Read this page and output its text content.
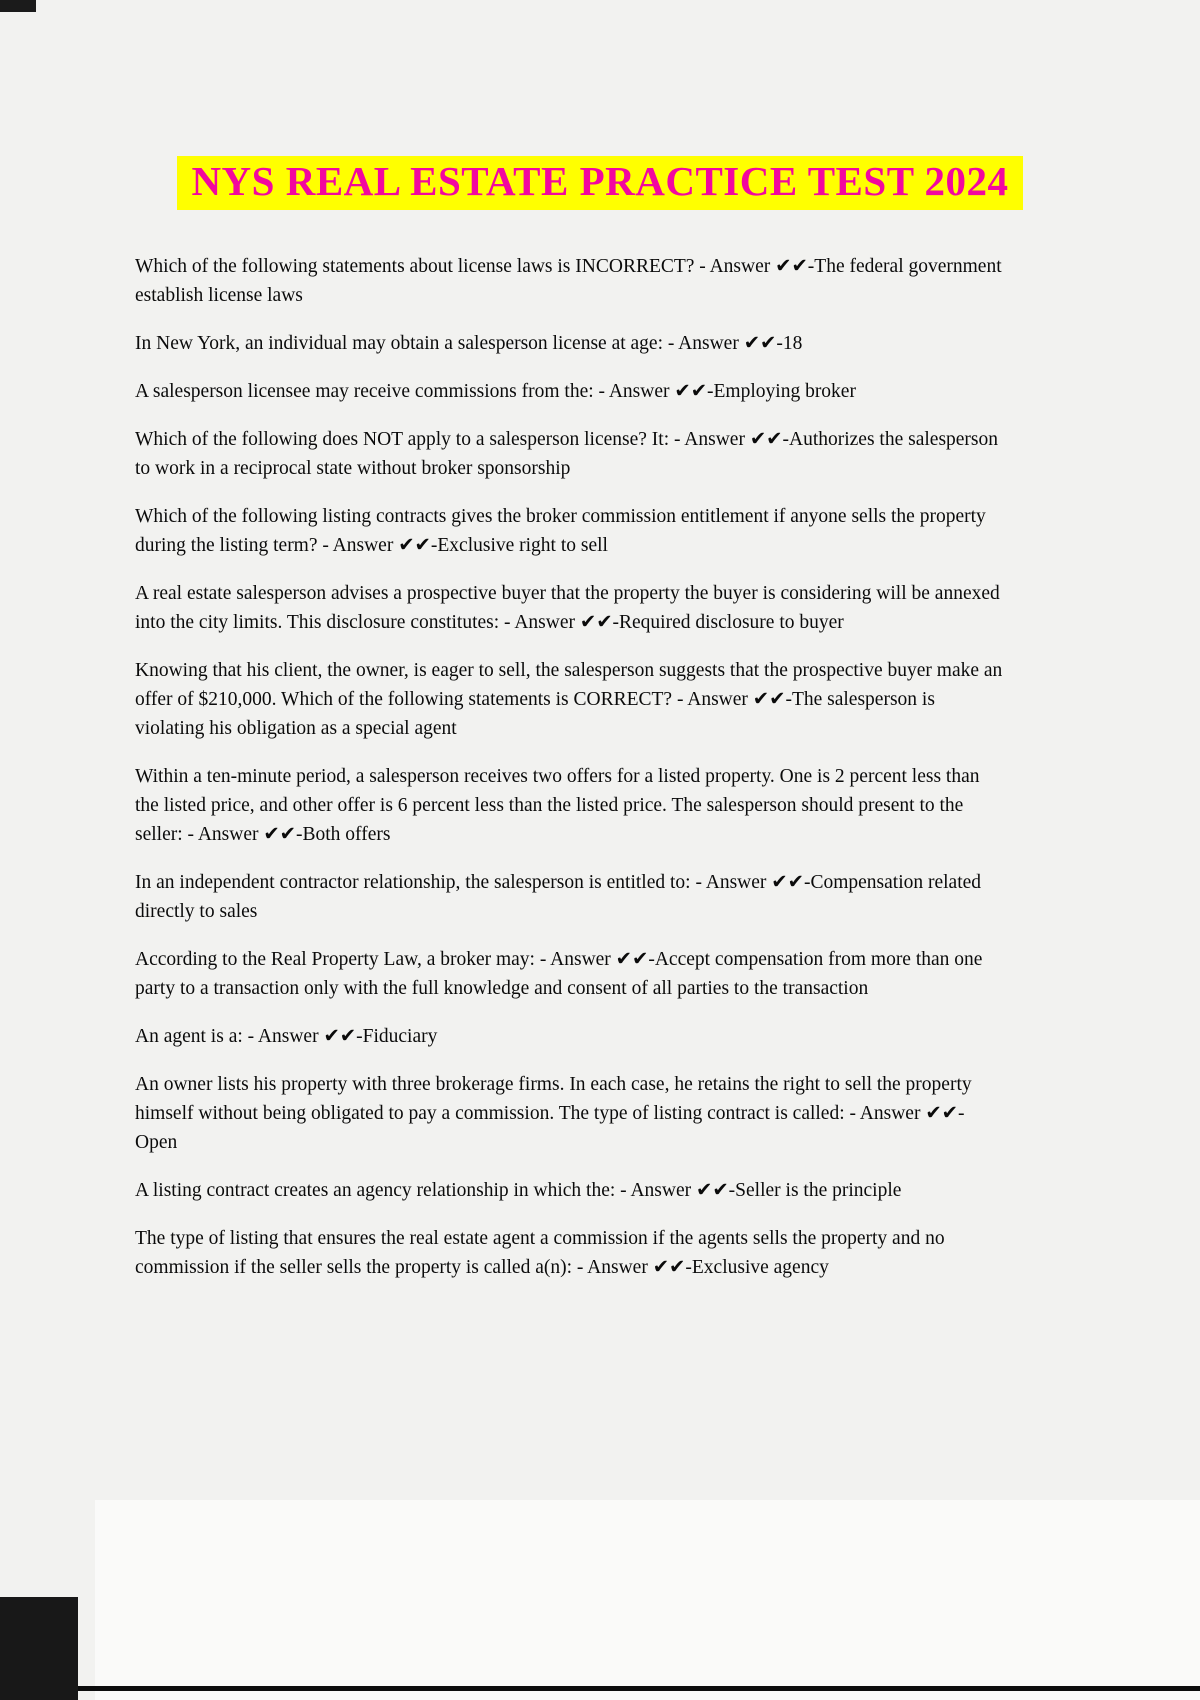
NYS REAL ESTATE PRACTICE TEST 2024

Which of the following statements about license laws is INCORRECT? - Answer ✔✔-The federal government establish license laws

In New York, an individual may obtain a salesperson license at age: - Answer ✔✔-18

A salesperson licensee may receive commissions from the: - Answer ✔✔-Employing broker

Which of the following does NOT apply to a salesperson license? It: - Answer ✔✔-Authorizes the salesperson to work in a reciprocal state without broker sponsorship

Which of the following listing contracts gives the broker commission entitlement if anyone sells the property during the listing term? - Answer ✔✔-Exclusive right to sell

A real estate salesperson advises a prospective buyer that the property the buyer is considering will be annexed into the city limits. This disclosure constitutes: - Answer ✔✔-Required disclosure to buyer

Knowing that his client, the owner, is eager to sell, the salesperson suggests that the prospective buyer make an offer of $210,000. Which of the following statements is CORRECT? - Answer ✔✔-The salesperson is violating his obligation as a special agent

Within a ten-minute period, a salesperson receives two offers for a listed property. One is 2 percent less than the listed price, and other offer is 6 percent less than the listed price. The salesperson should present to the seller: - Answer ✔✔-Both offers

In an independent contractor relationship, the salesperson is entitled to: - Answer ✔✔-Compensation related directly to sales

According to the Real Property Law, a broker may: - Answer ✔✔-Accept compensation from more than one party to a transaction only with the full knowledge and consent of all parties to the transaction

An agent is a: - Answer ✔✔-Fiduciary

An owner lists his property with three brokerage firms. In each case, he retains the right to sell the property himself without being obligated to pay a commission. The type of listing contract is called: - Answer ✔✔-Open

A listing contract creates an agency relationship in which the: - Answer ✔✔-Seller is the principle

The type of listing that ensures the real estate agent a commission if the agents sells the property and no commission if the seller sells the property is called a(n): - Answer ✔✔-Exclusive agency
